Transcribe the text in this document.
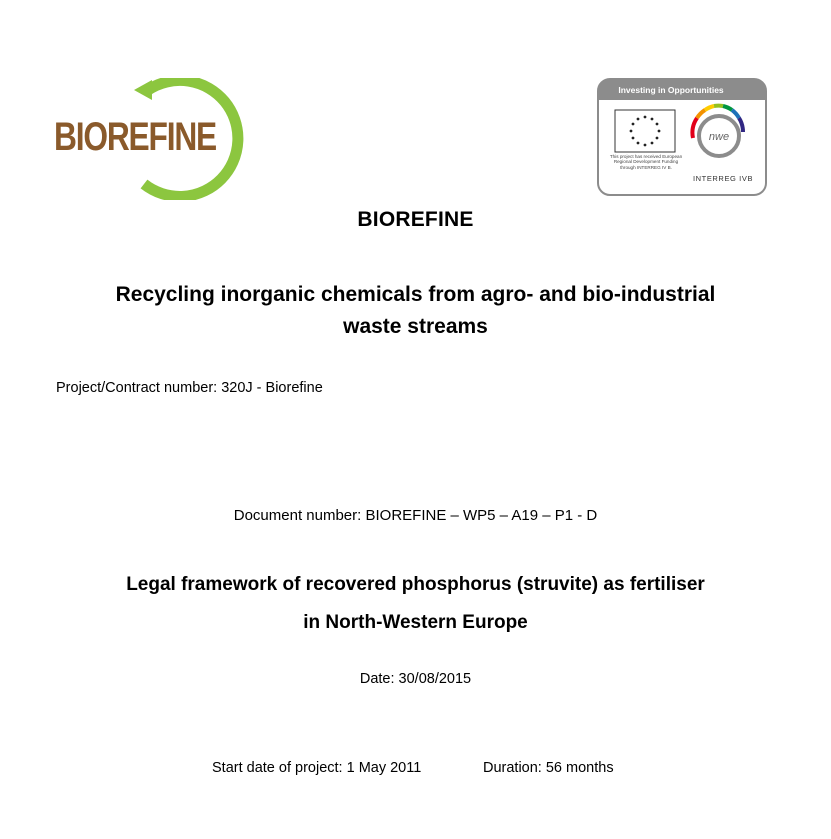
BIOREFINE
Investing in Opportunities
This project has received European Regional Development Funding through INTERREG IV B.
nwe
INTERREG IVB
BIOREFINE
Recycling inorganic chemicals from agro- and bio-industrial
waste streams
Project/Contract number: 320J - Biorefine
Document number: BIOREFINE – WP5 – A19 – P1 - D
Legal framework of recovered phosphorus (struvite) as fertiliser
in North-Western Europe
Date: 30/08/2015
Start date of project: 1 May 2011	Duration: 56 months
